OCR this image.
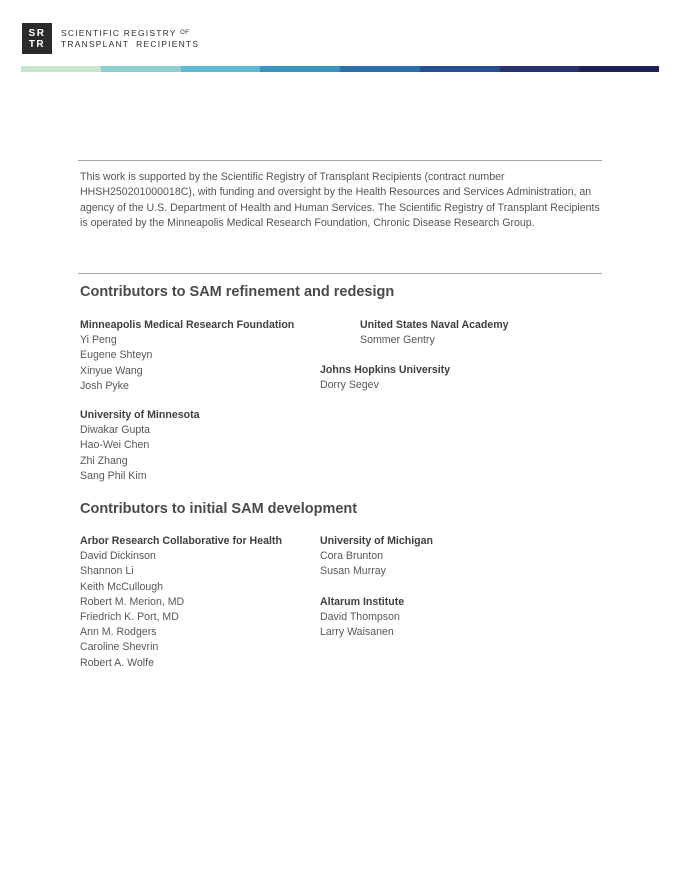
SR
TR
SCIENTIFIC REGISTRY $^{OF}$
TRANSPLANT  RECIPIENTS
This work is supported by the Scientific Registry of Transplant Recipients (contract number HHSH250201000018C), with funding and oversight by the Health Resources and Services Administration, an agency of the U.S. Department of Health and Human Services. The Scientific Registry of Transplant Recipients is operated by the Minneapolis Medical Research Foundation, Chronic Disease Research Group.
Contributors to SAM refinement and redesign
Minneapolis Medical Research Foundation
Yi Peng
Eugene Shteyn
Xinyue Wang
Josh Pyke
United States Naval Academy
Sommer Gentry
Johns Hopkins University
Dorry Segev
University of Minnesota
Diwakar Gupta
Hao-Wei Chen
Zhi Zhang
Sang Phil Kim
Contributors to initial SAM development
Arbor Research Collaborative for Health
David Dickinson
Shannon Li
Keith McCullough
Robert M. Merion, MD
Friedrich K. Port, MD
Ann M. Rodgers
Caroline Shevrin
Robert A. Wolfe
University of Michigan
Cora Brunton
Susan Murray
Altarum Institute
David Thompson
Larry Waisanen
